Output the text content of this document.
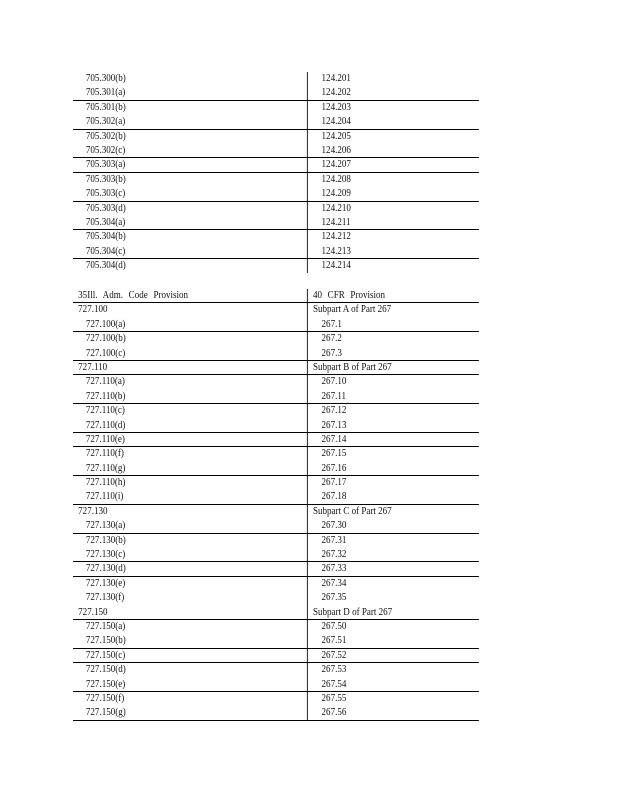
705.300(b)	124.201
705.301(a)	124.202
705.301(b)	124.203
705.302(a)	124.204
705.302(b)	124.205
705.302(c)	124.206
705.303(a)	124.207
705.303(b)	124.208
705.303(c)	124.209
705.303(d)	124.210
705.304(a)	124.211
705.304(b)	124.212
705.304(c)	124.213
705.304(d)	124.214
35Ill. Adm. Code Provision	40 CFR Provision
727.100	Subpart A of Part 267
727.100(a)	267.1
727.100(b)	267.2
727.100(c)	267.3
727.110	Subpart B of Part 267
727.110(a)	267.10
727.110(b)	267.11
727.110(c)	267.12
727.110(d)	267.13
727.110(e)	267.14
727.110(f)	267.15
727.110(g)	267.16
727.110(h)	267.17
727.110(i)	267.18
727.130	Subpart C of Part 267
727.130(a)	267.30
727.130(b)	267.31
727.130(c)	267.32
727.130(d)	267.33
727.130(e)	267.34
727.130(f)	267.35
727.150	Subpart D of Part 267
727.150(a)	267.50
727.150(b)	267.51
727.150(c)	267.52
727.150(d)	267.53
727.150(e)	267.54
727.150(f)	267.55
727.150(g)	267.56
